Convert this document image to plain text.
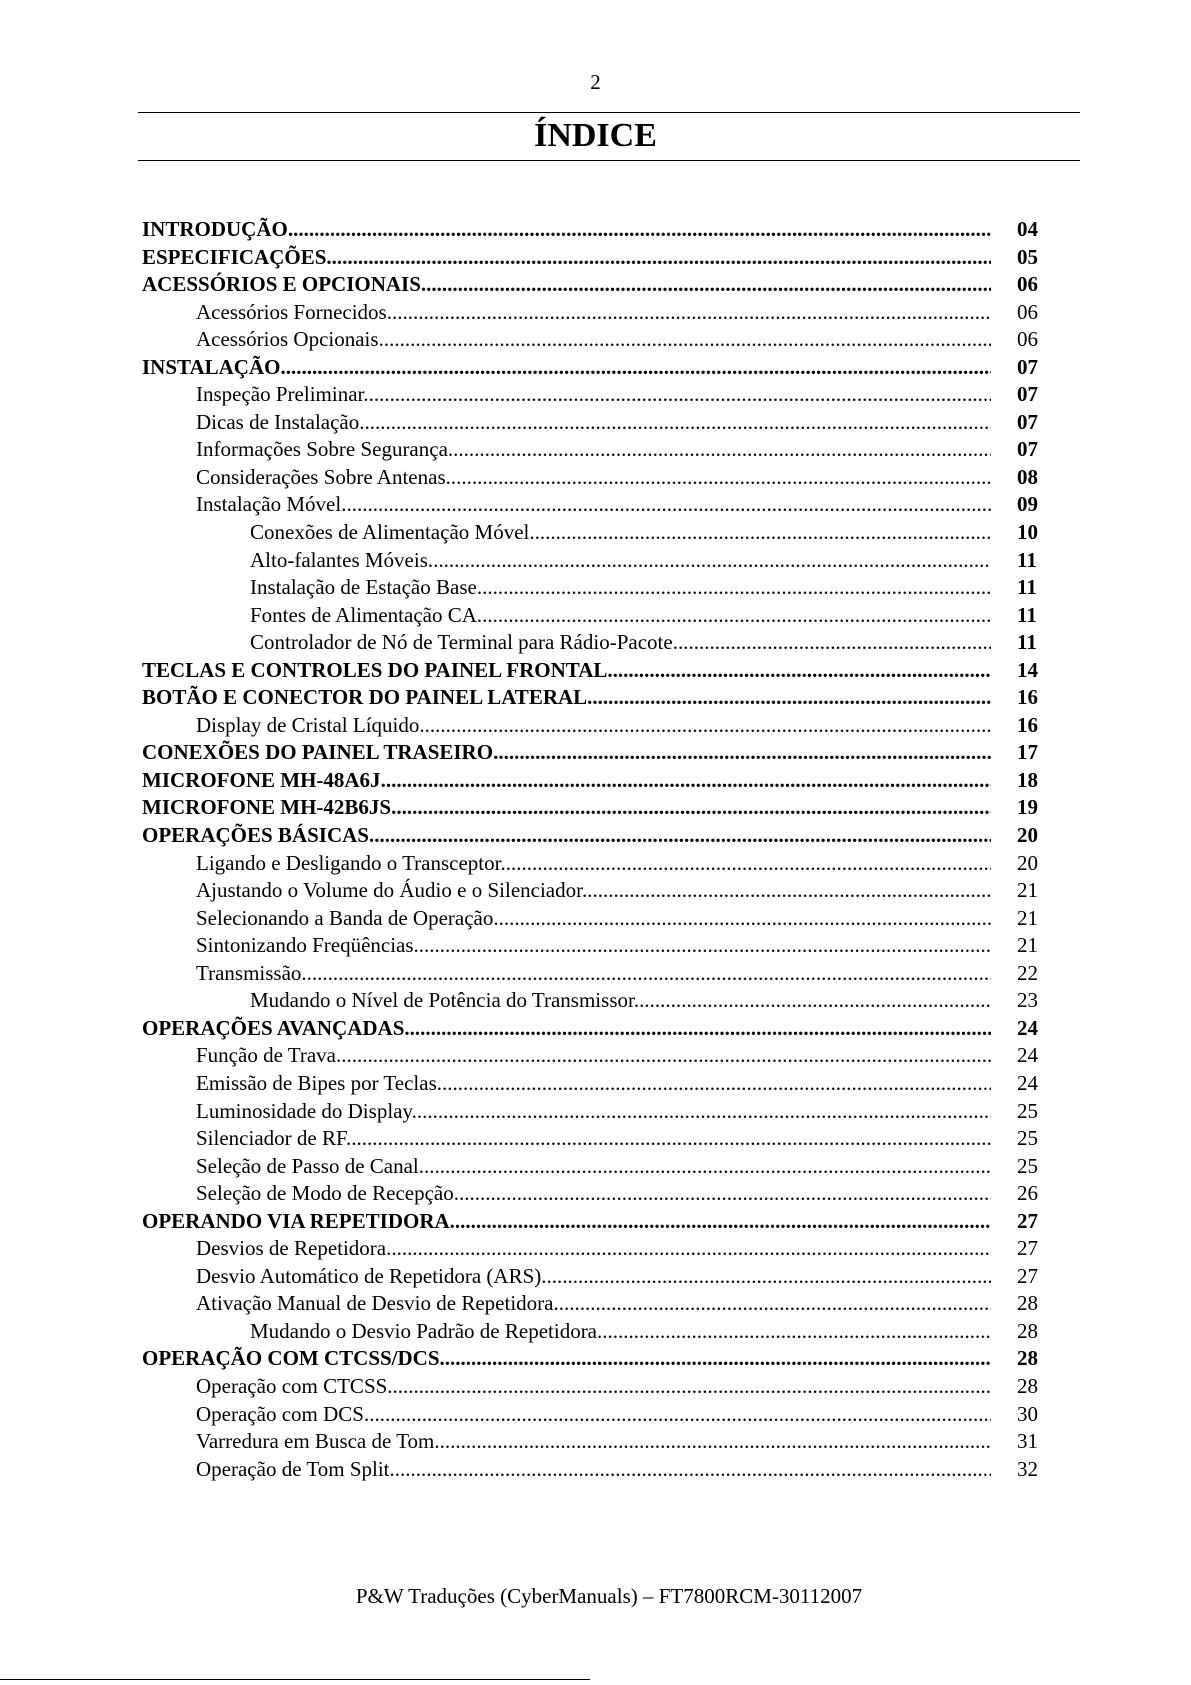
2
ÍNDICE
INTRODUÇÃO .....	04
ESPECIFICAÇÕES .....	05
ACESSÓRIOS E OPCIONAIS .....	06
Acessórios Fornecidos .....	06
Acessórios Opcionais .....	06
INSTALAÇÃO .....	07
Inspeção Preliminar .....	07
Dicas de Instalação .....	07
Informações Sobre Segurança .....	07
Considerações Sobre Antenas .....	08
Instalação Móvel .....	09
Conexões de Alimentação Móvel .....	10
Alto-falantes Móveis .....	11
Instalação de Estação Base .....	11
Fontes de Alimentação CA .....	11
Controlador de Nó de Terminal para Rádio-Pacote .....	11
TECLAS E CONTROLES DO PAINEL FRONTAL .....	14
BOTÃO E CONECTOR DO PAINEL LATERAL .....	16
Display de Cristal Líquido .....	16
CONEXÕES DO PAINEL TRASEIRO .....	17
MICROFONE MH-48A6J .....	18
MICROFONE MH-42B6JS .....	19
OPERAÇÕES BÁSICAS .....	20
Ligando e Desligando o Transceptor .....	20
Ajustando o Volume do Áudio e o Silenciador .....	21
Selecionando a Banda de Operação .....	21
Sintonizando Freqüências .....	21
Transmissão .....	22
Mudando o Nível de Potência do Transmissor .....	23
OPERAÇÕES AVANÇADAS .....	24
Função de Trava .....	24
Emissão de Bipes por Teclas .....	24
Luminosidade do Display .....	25
Silenciador de RF .....	25
Seleção de Passo de Canal .....	25
Seleção de Modo de Recepção .....	26
OPERANDO VIA REPETIDORA .....	27
Desvios de Repetidora .....	27
Desvio Automático de Repetidora (ARS) .....	27
Ativação Manual de Desvio de Repetidora .....	28
Mudando o Desvio Padrão de Repetidora .....	28
OPERAÇÃO COM CTCSS/DCS .....	28
Operação com CTCSS .....	28
Operação com DCS .....	30
Varredura em Busca de Tom .....	31
Operação de Tom Split .....	32
P&W Traduções (CyberManuals) – FT7800RCM-30112007
